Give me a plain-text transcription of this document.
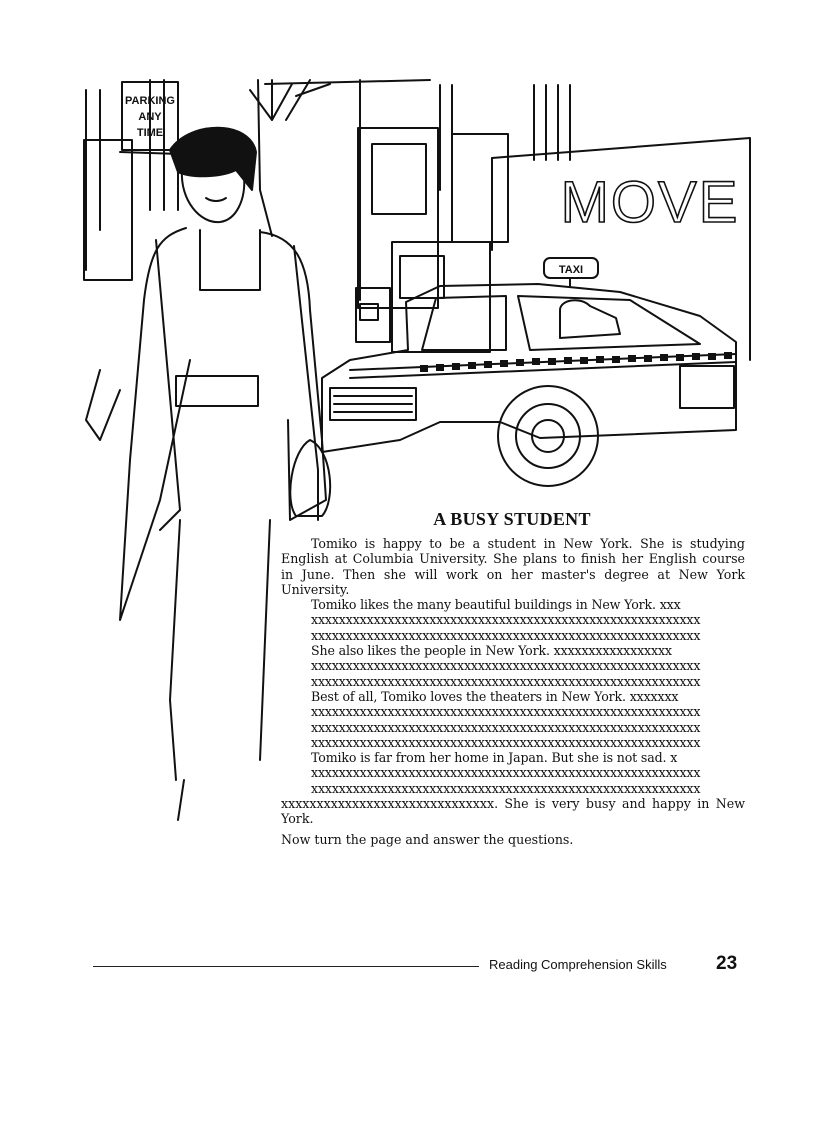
PARKING
ANY
TIME
TAXI
MOVE
A BUSY STUDENT

Tomiko is happy to be a student in New York. She is studying English at Columbia University. She plans to finish her English course in June. Then she will work on her master's degree at New York University.

Tomiko likes the many beautiful buildings in New York. xxx
xxxxxxxxxxxxxxxxxxxxxxxxxxxxxxxxxxxxxxxxxxxxxxxxxxxxxxxx
xxxxxxxxxxxxxxxxxxxxxxxxxxxxxxxxxxxxxxxxxxxxxxxxxxxxxxxx

She also likes the people in New York. xxxxxxxxxxxxxxxxx
xxxxxxxxxxxxxxxxxxxxxxxxxxxxxxxxxxxxxxxxxxxxxxxxxxxxxxxx
xxxxxxxxxxxxxxxxxxxxxxxxxxxxxxxxxxxxxxxxxxxxxxxxxxxxxxxx

Best of all, Tomiko loves the theaters in New York. xxxxxxx
xxxxxxxxxxxxxxxxxxxxxxxxxxxxxxxxxxxxxxxxxxxxxxxxxxxxxxxx
xxxxxxxxxxxxxxxxxxxxxxxxxxxxxxxxxxxxxxxxxxxxxxxxxxxxxxxx
xxxxxxxxxxxxxxxxxxxxxxxxxxxxxxxxxxxxxxxxxxxxxxxxxxxxxxxx

Tomiko is far from her home in Japan. But she is not sad. x
xxxxxxxxxxxxxxxxxxxxxxxxxxxxxxxxxxxxxxxxxxxxxxxxxxxxxxxx
xxxxxxxxxxxxxxxxxxxxxxxxxxxxxxxxxxxxxxxxxxxxxxxxxxxxxxxx
xxxxxxxxxxxxxxxxxxxxxxxxxxxxxx. She is very busy and happy in New York.

Now turn the page and answer the questions.
Reading Comprehension Skills	23
